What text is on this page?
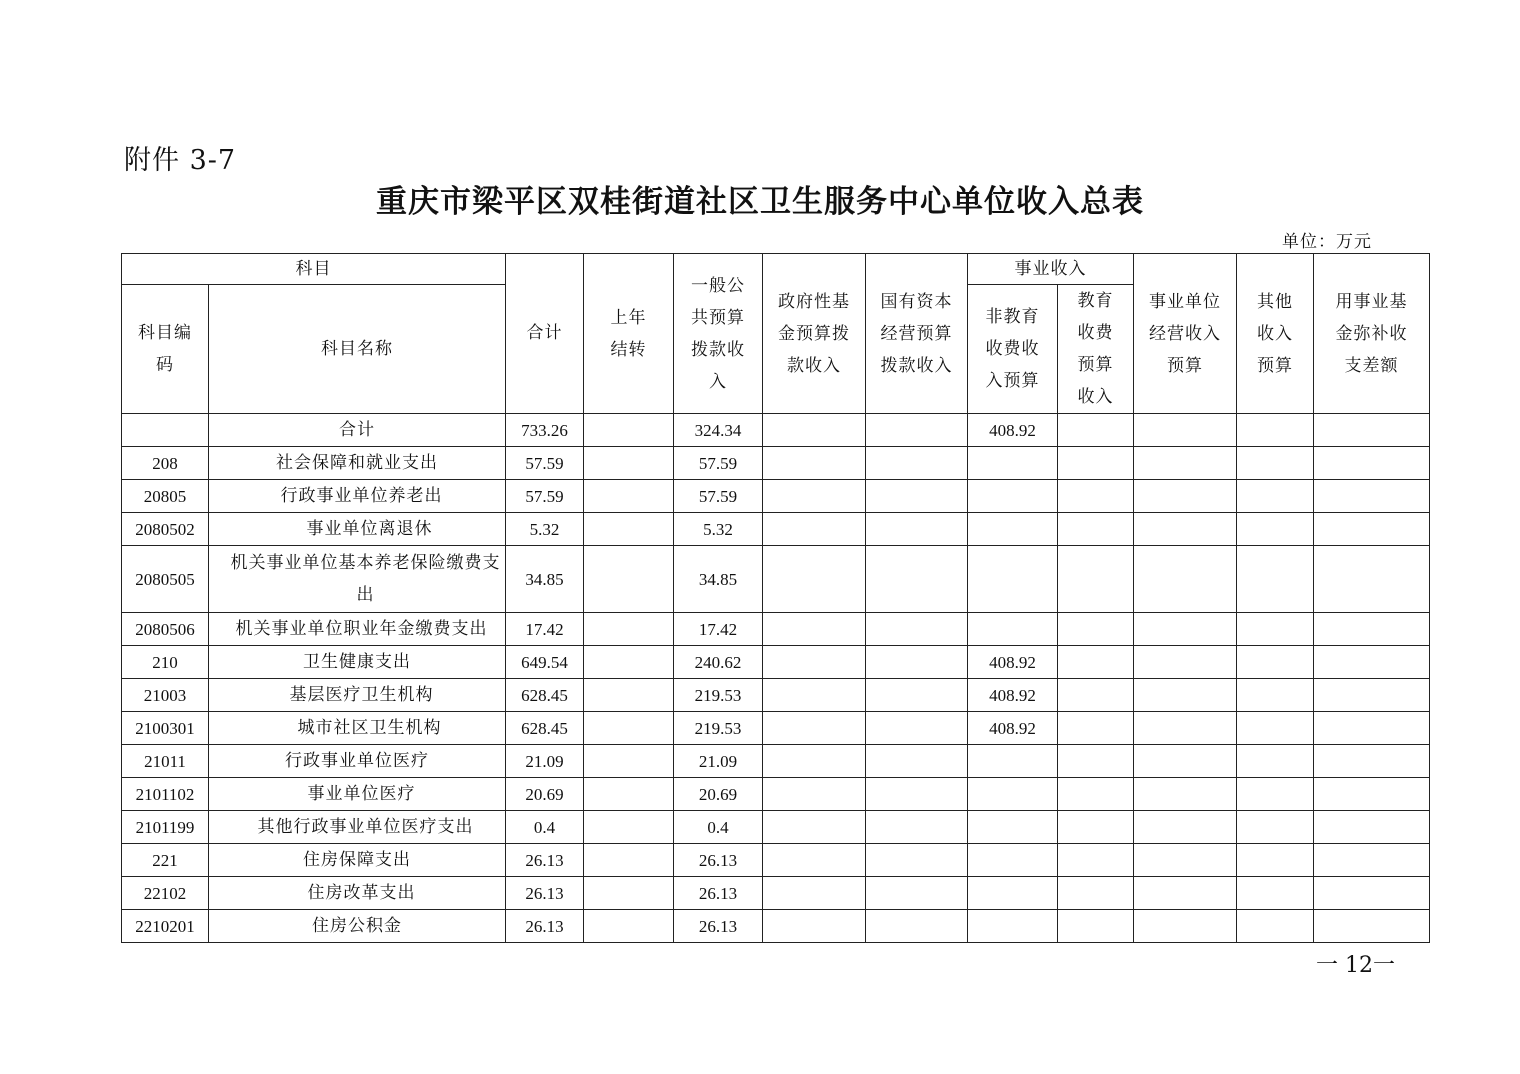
附件 3-7
重庆市梁平区双桂街道社区卫生服务中心单位收入总表
单位：万元
科目		合计	上年结转	一般公共预算拨款收入	政府性基金预算拨款收入	国有资本经营预算拨款收入	事业收入		事业单位经营收入预算	其他收入预算	用事业基金弥补收支差额
科目编码	科目名称						非教育收费收入预算	教育收费预算收入			
	合计	733.26		324.34			408.92				
208	社会保障和就业支出	57.59		57.59							
20805	行政事业单位养老出	57.59		57.59							
2080502	事业单位离退休	5.32		5.32							
2080505	机关事业单位基本养老保险缴费支出	34.85		34.85							
2080506	机关事业单位职业年金缴费支出	17.42		17.42							
210	卫生健康支出	649.54		240.62			408.92				
21003	基层医疗卫生机构	628.45		219.53			408.92				
2100301	城市社区卫生机构	628.45		219.53			408.92				
21011	行政事业单位医疗	21.09		21.09							
2101102	事业单位医疗	20.69		20.69							
2101199	其他行政事业单位医疗支出	0.4		0.4							
221	住房保障支出	26.13		26.13							
22102	住房改革支出	26.13		26.13							
2210201	住房公积金	26.13		26.13							
一 12一
